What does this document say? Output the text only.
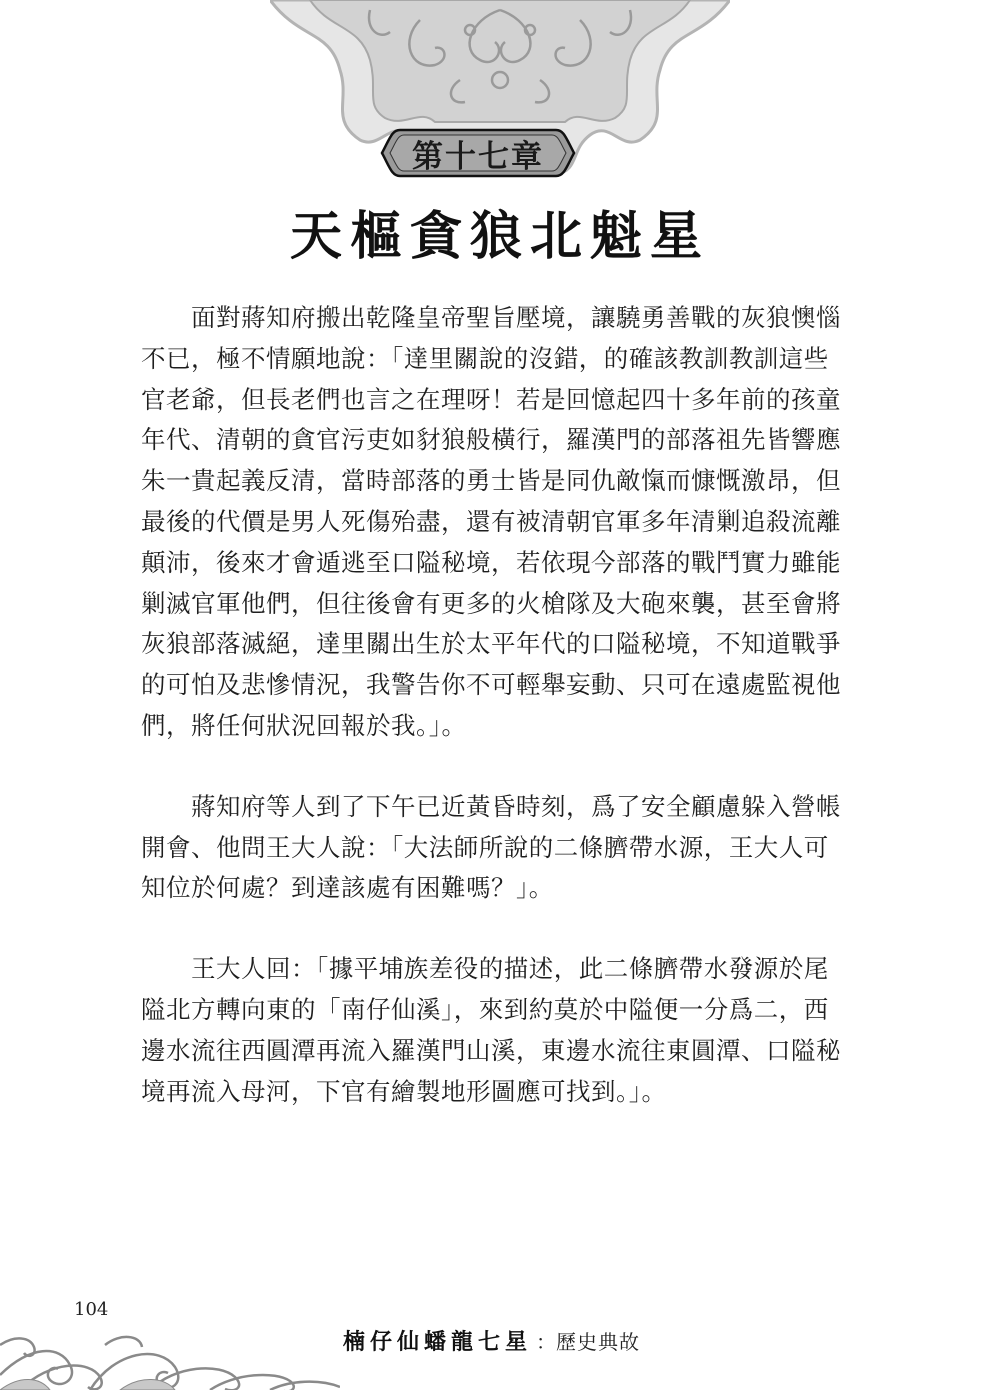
第十七章
天樞貪狼北魁星

面對蔣知府搬出乾隆皇帝聖旨壓境，讓驍勇善戰的灰狼懊惱

不已，極不情願地說：「達里關說的沒錯，的確該教訓教訓這些

官老爺，但長老們也言之在理呀！若是回憶起四十多年前的孩童

年代、清朝的貪官污吏如豺狼般橫行，羅漢門的部落祖先皆響應

朱一貴起義反清，當時部落的勇士皆是同仇敵愾而慷慨激昂，但

最後的代價是男人死傷殆盡，還有被清朝官軍多年清剿追殺流離

顛沛，後來才會遁逃至口隘秘境，若依現今部落的戰鬥實力雖能

剿滅官軍他們，但往後會有更多的火槍隊及大砲來襲，甚至會將

灰狼部落滅絕，達里關出生於太平年代的口隘秘境，不知道戰爭

的可怕及悲慘情況，我警告你不可輕舉妄動、只可在遠處監視他

們，將任何狀況回報於我。」。

蔣知府等人到了下午已近黃昏時刻，爲了安全顧慮躲入營帳

開會、他問王大人說：「大法師所說的二條臍帶水源，王大人可

知位於何處？到達該處有困難嗎？」。

王大人回：「據平埔族差役的描述，此二條臍帶水發源於尾

隘北方轉向東的「南仔仙溪」，來到約莫於中隘便一分爲二，西

邊水流往西圓潭再流入羅漢門山溪，東邊水流往東圓潭、口隘秘

境再流入母河，下官有繪製地形圖應可找到。」。

104
楠仔仙蟠龍七星 ： 歷史典故
